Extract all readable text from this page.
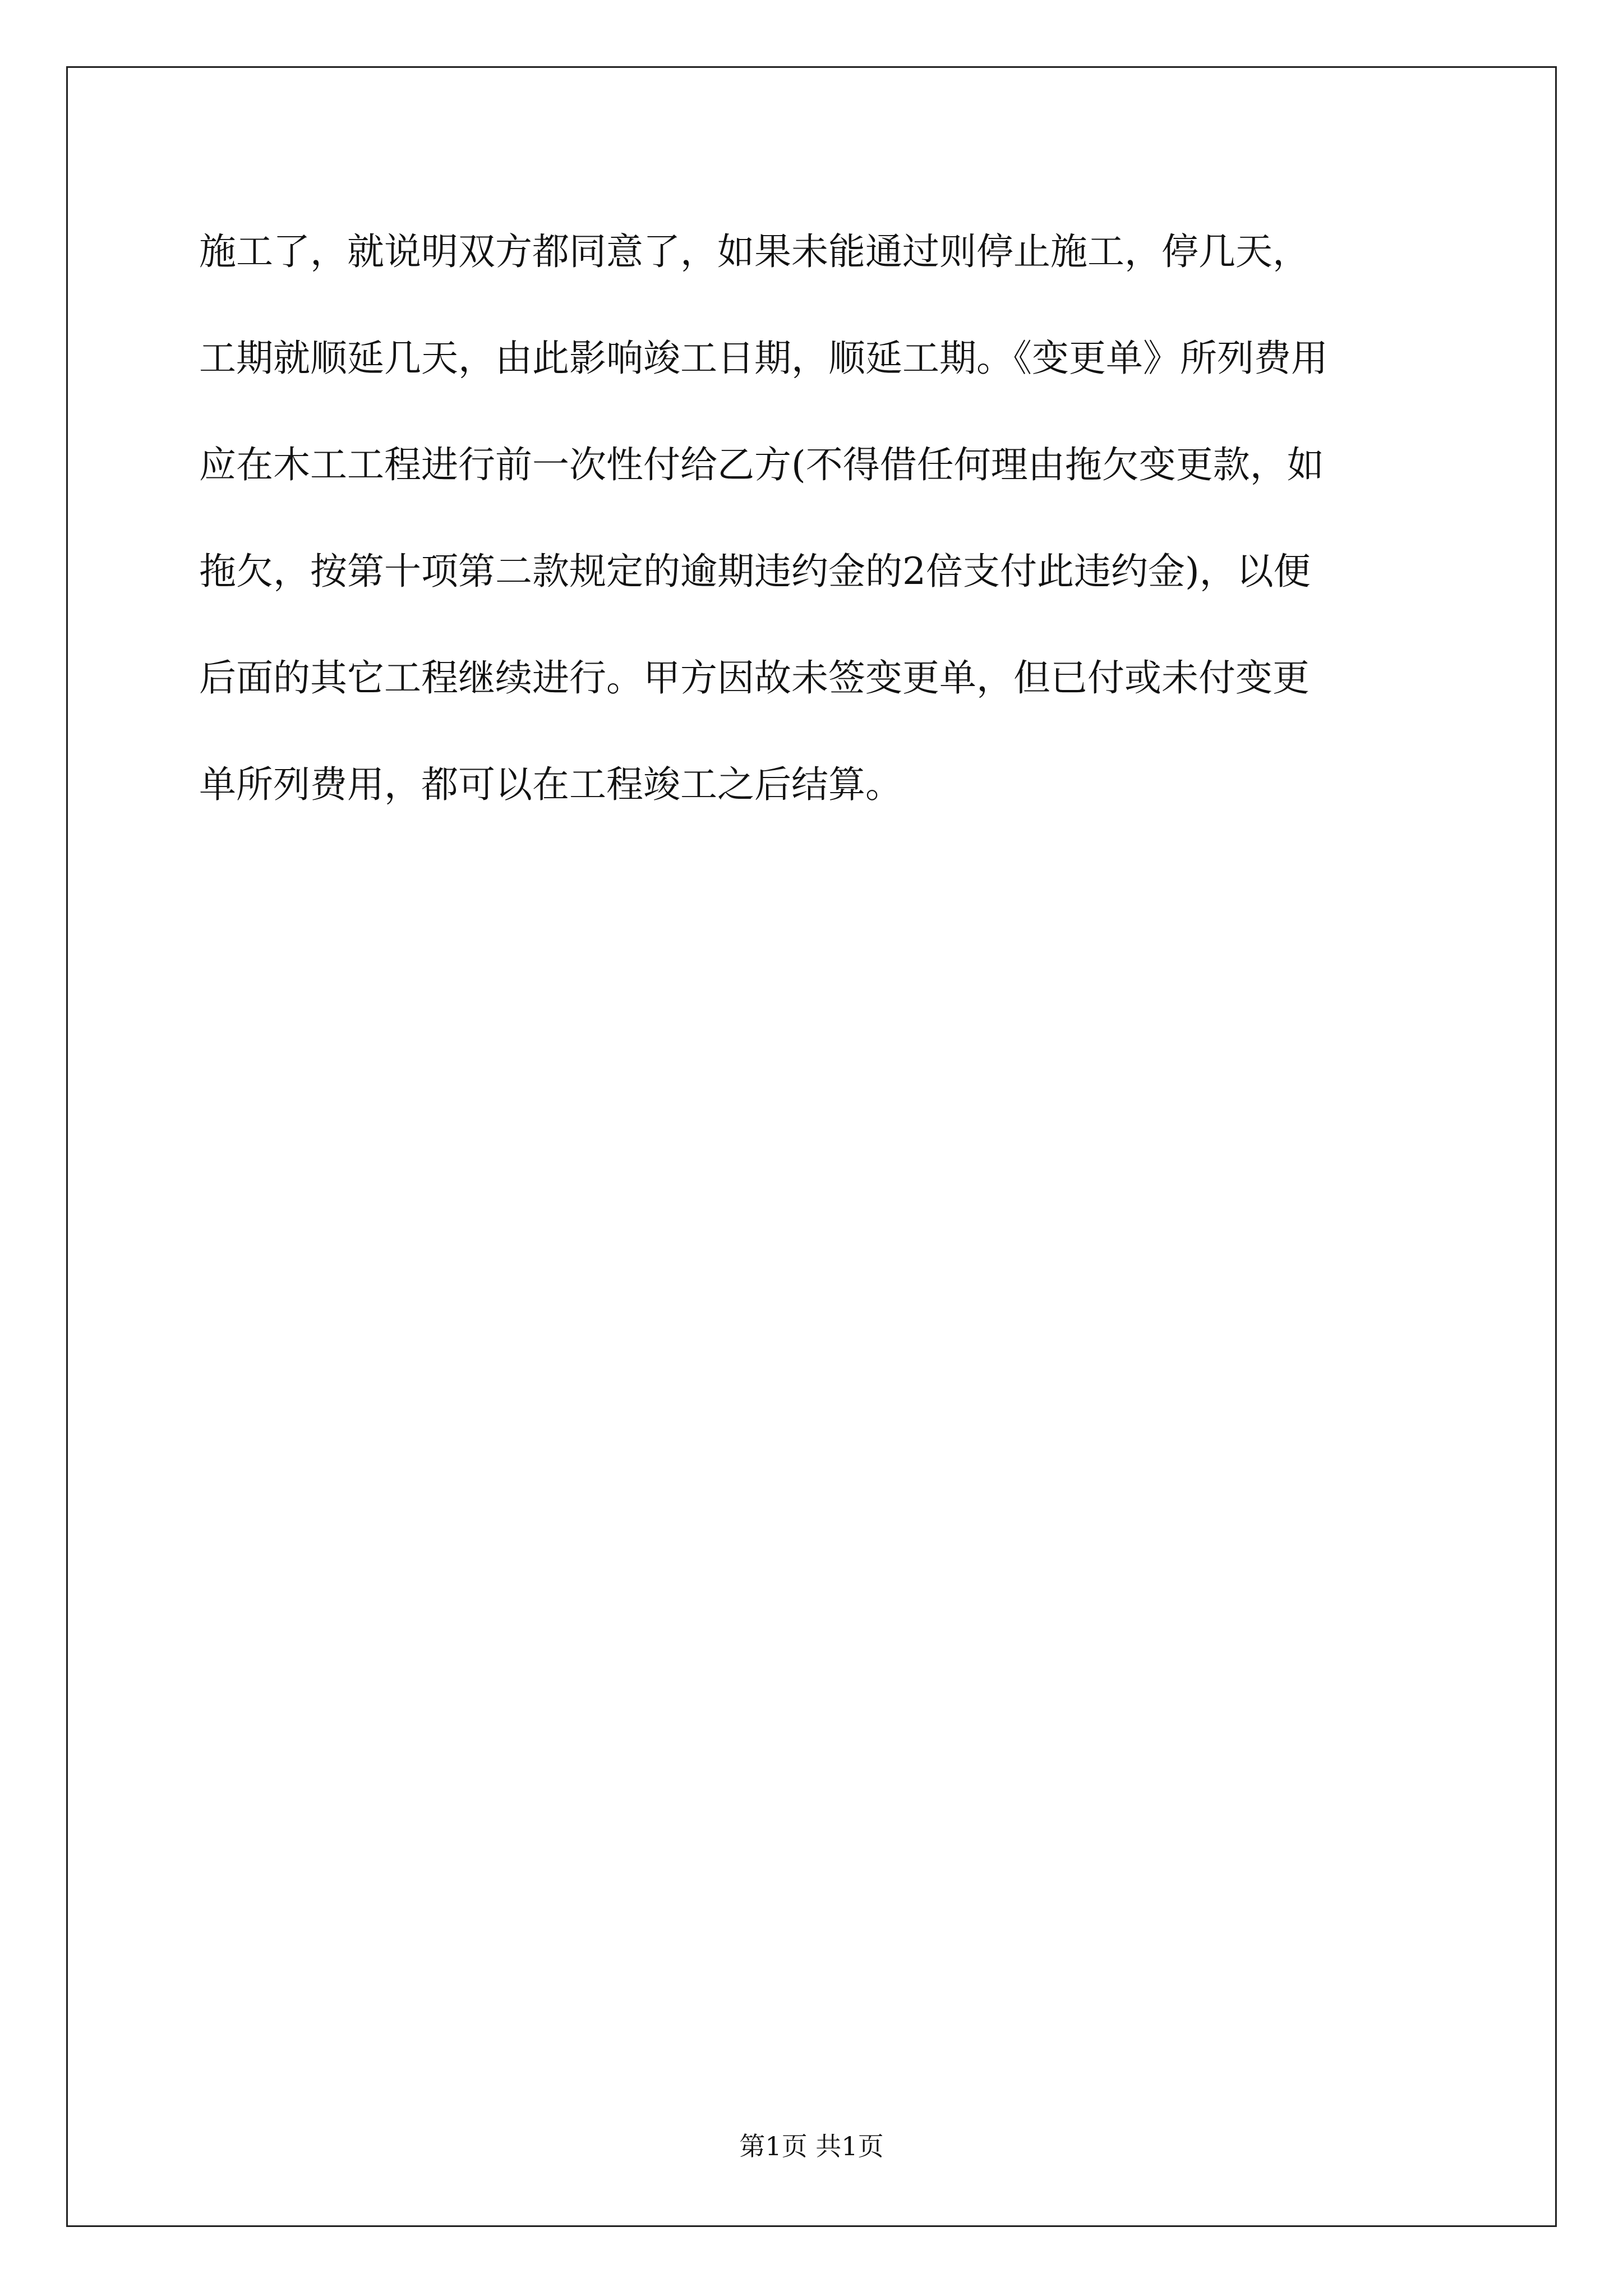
施工了，就说明双方都同意了，如果未能通过则停止施工，停几天，
工期就顺延几天，由此影响竣工日期，顺延工期。《变更单》所列费用
应在木工工程进行前一次性付给乙方(不得借任何理由拖欠变更款，如
拖欠，按第十项第二款规定的逾期违约金的2倍支付此违约金)，以便
后面的其它工程继续进行。甲方因故未签变更单，但已付或未付变更
单所列费用，都可以在工程竣工之后结算。
第1页 共1页
